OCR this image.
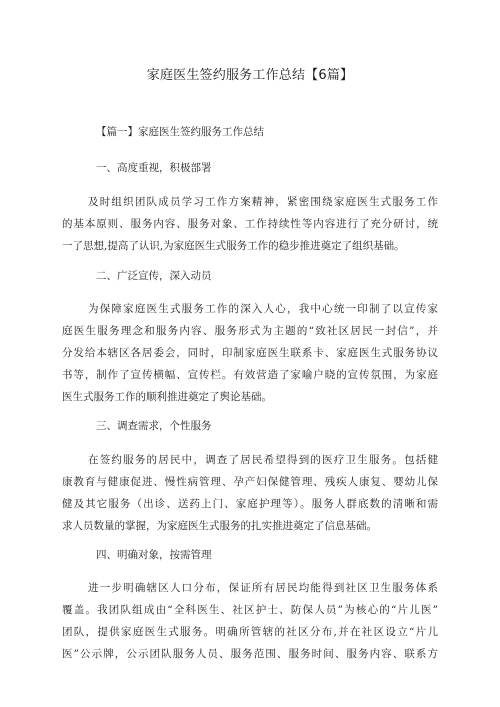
家庭医生签约服务工作总结【6篇】
【篇一】家庭医生签约服务工作总结
一、高度重视，积极部署
及时组织团队成员学习工作方案精神，紧密围绕家庭医生式服务工作
的基本原则、服务内容、服务对象、工作持续性等内容进行了充分研讨，统
一了思想,提高了认识,为家庭医生式服务工作的稳步推进奠定了组织基础。
二、广泛宣传，深入动员
为保障家庭医生式服务工作的深入人心，我中心统一印制了以宣传家
庭医生服务理念和服务内容、服务形式为主题的“致社区居民一封信”，并
分发给本辖区各居委会，同时，印制家庭医生联系卡、家庭医生式服务协议
书等，制作了宣传横幅、宣传栏。有效营造了家喻户晓的宣传氛围，为家庭
医生式服务工作的顺利推进奠定了舆论基础。
三、调查需求，个性服务
在签约服务的居民中，调查了居民希望得到的医疗卫生服务。包括健
康教育与健康促进、慢性病管理、孕产妇保健管理、残疾人康复、婴幼儿保
健及其它服务（出诊、送药上门、家庭护理等）。服务人群底数的清晰和需
求人员数量的掌握，为家庭医生式服务的扎实推进奠定了信息基础。
四、明确对象，按需管理
进一步明确辖区人口分布，保证所有居民均能得到社区卫生服务体系
覆盖。我团队组成由“全科医生、社区护士、防保人员”为核心的“片儿医”
团队，提供家庭医生式服务。明确所管辖的社区分布,并在社区设立“片儿
医”公示牌，公示团队服务人员、服务范围、服务时间、服务内容、联系方
